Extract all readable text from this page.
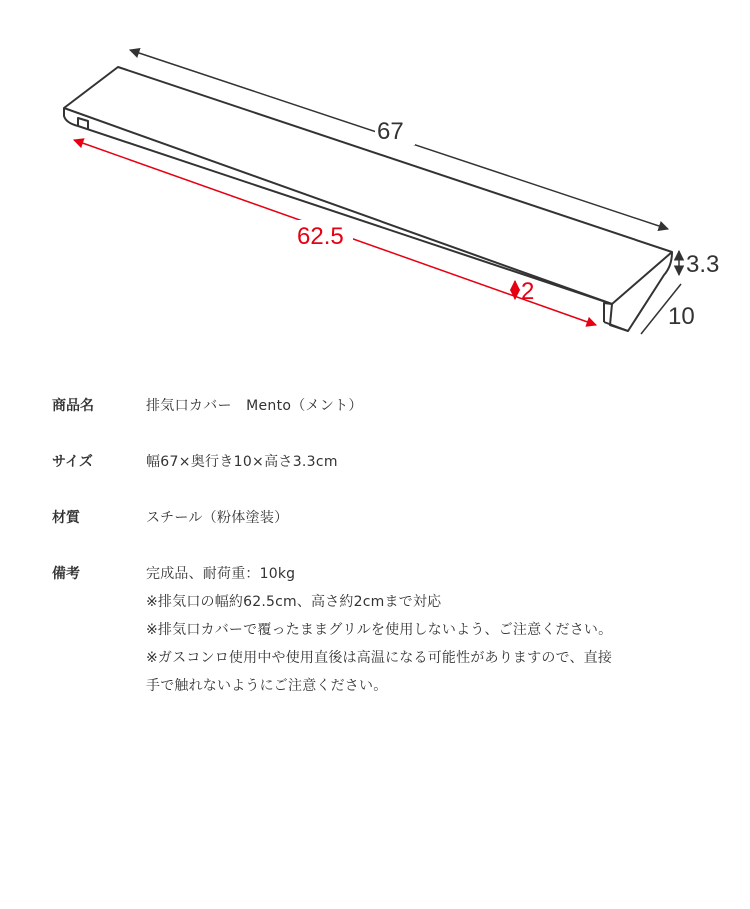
67
62.5
2
3.3
10
商品名	排気口カバー　Mento（メント）
サイズ	幅67×奥行き10×高さ3.3cm
材質	スチール（粉体塗装）
備考	完成品、耐荷重：10kg
※排気口の幅約62.5cm、高さ約2cmまで対応
※排気口カバーで覆ったままグリルを使用しないよう、ご注意ください。
※ガスコンロ使用中や使用直後は高温になる可能性がありますので、直接
手で触れないようにご注意ください。
